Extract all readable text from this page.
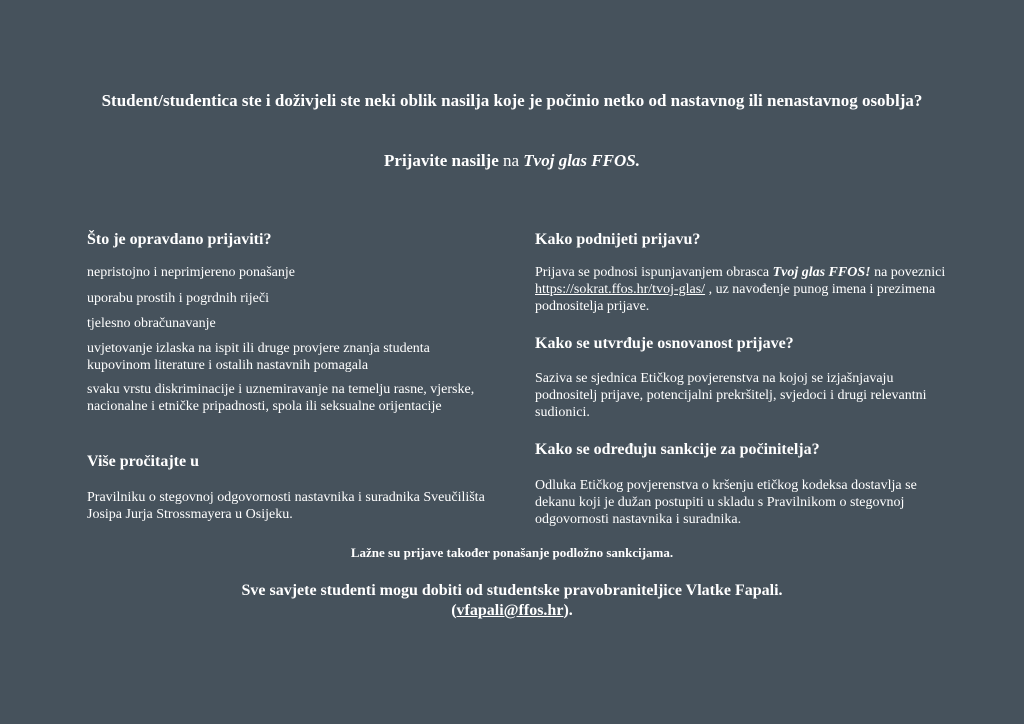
Student/studentica ste i doživjeli ste neki oblik nasilja koje je počinio netko od nastavnog ili nenastavnog osoblja?
Prijavite nasilje na Tvoj glas FFOS.
Što je opravdano prijaviti?

nepristojno i neprimjereno ponašanje

uporabu prostih i pogrdnih riječi

tjelesno obračunavanje

uvjetovanje izlaska na ispit ili druge provjere znanja studenta kupovinom literature i ostalih nastavnih pomagala

svaku vrstu diskriminacije i uznemiravanje na temelju rasne, vjerske, nacionalne i etničke pripadnosti, spola ili seksualne orijentacije

Više pročitajte u
Pravilniku o stegovnoj odgovornosti nastavnika i suradnika Sveučilišta Josipa Jurja Strossmayera u Osijeku.
Kako podnijeti prijavu?
Prijava se podnosi ispunjavanjem obrasca Tvoj glas FFOS! na poveznici https://sokrat.ffos.hr/tvoj-glas/ , uz navođenje punog imena i prezimena podnositelja prijave.
Kako se utvrđuje osnovanost prijave?
Saziva se sjednica Etičkog povjerenstva na kojoj se izjašnjavaju podnositelj prijave, potencijalni prekršitelj, svjedoci i drugi relevantni sudionici.
Kako se određuju sankcije za počinitelja?
Odluka Etičkog povjerenstva o kršenju etičkog kodeksa dostavlja se dekanu koji je dužan postupiti u skladu s Pravilnikom o stegovnoj odgovornosti nastavnika i suradnika.
Lažne su prijave također ponašanje podložno sankcijama.
Sve savjete studenti mogu dobiti od studentske pravobraniteljice Vlatke Fapali.
(vfapali@ffos.hr).
